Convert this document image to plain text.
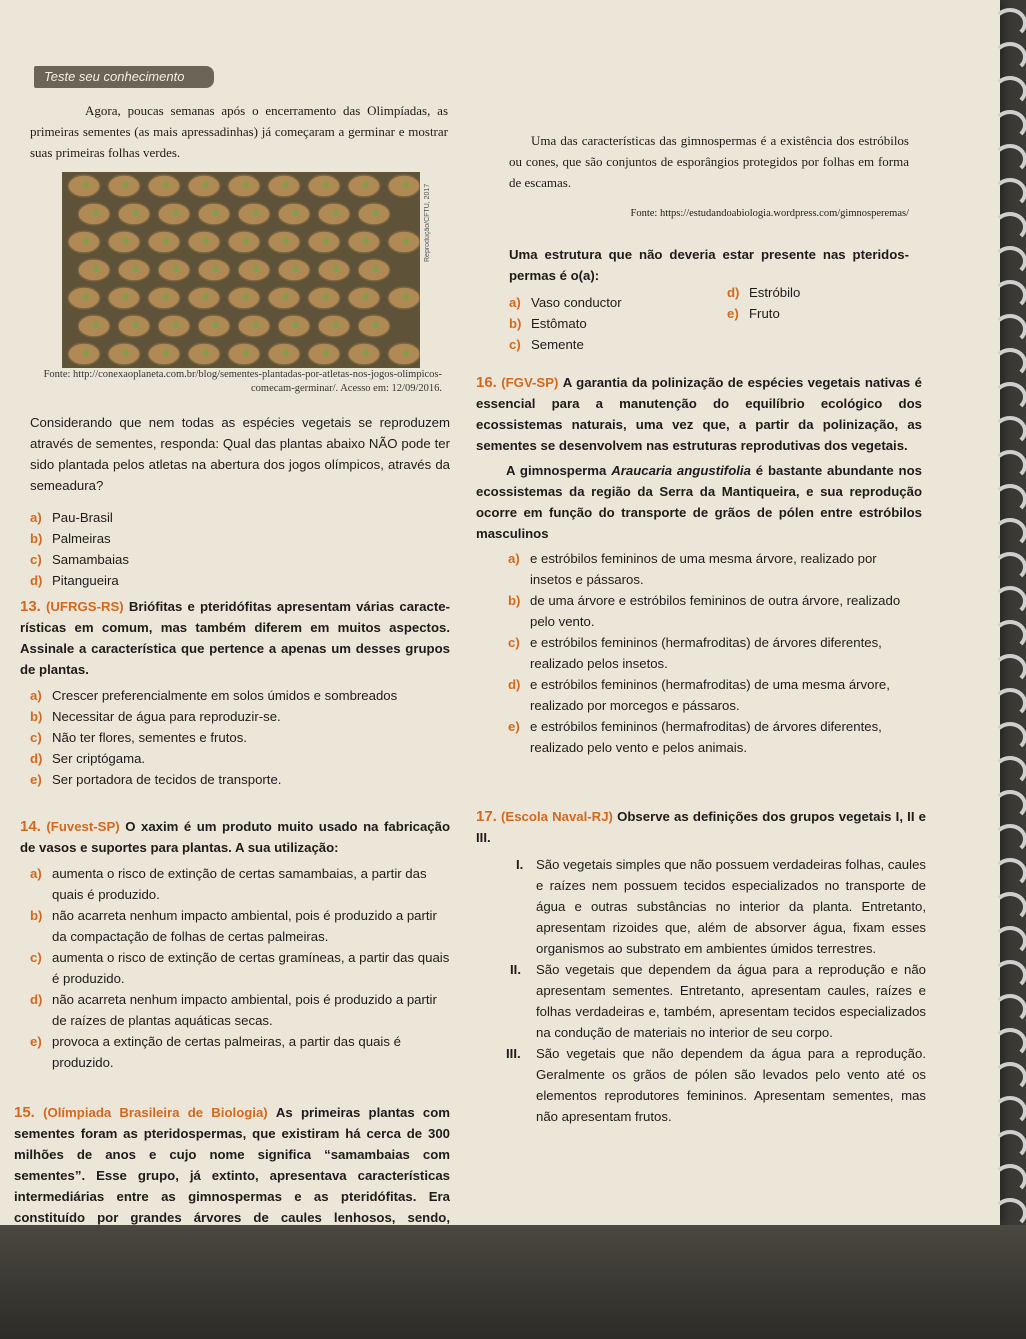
Teste seu conhecimento

Agora, poucas semanas após o encerramento das Olimpíadas, as primeiras sementes (as mais apressadinhas) já começaram a germinar e mostrar suas primeiras folhas verdes.

Reprodução/CFTU, 2017
Fonte: http://conexaoplaneta.com.br/blog/sementes-plantadas-por-atletas-nos-jogos-olimpicos-comecam-germinar/. Acesso em: 12/09/2016.

Considerando que nem todas as espécies vegetais se reproduzem através de sementes, responda: Qual das plantas abaixo NÃO pode ter sido plantada pelos atletas na abertura dos jogos olímpicos, através da semeadura?

a) Pau-Brasil
b) Palmeiras
c) Samambaias
d) Pitangueira

13. (UFRGS-RS) Briófitas e pteridófitas apresentam várias características em comum, mas também diferem em muitos aspectos. Assinale a característica que pertence a apenas um desses grupos de plantas.

a) Crescer preferencialmente em solos úmidos e sombreados
b) Necessitar de água para reproduzir-se.
c) Não ter flores, sementes e frutos.
d) Ser criptógama.
e) Ser portadora de tecidos de transporte.

14. (Fuvest-SP) O xaxim é um produto muito usado na fabricação de vasos e suportes para plantas. A sua utilização:

a) aumenta o risco de extinção de certas samambaias, a partir das quais é produzido.
b) não acarreta nenhum impacto ambiental, pois é produzido a partir da compactação de folhas de certas palmeiras.
c) aumenta o risco de extinção de certas gramíneas, a partir das quais é produzido.
d) não acarreta nenhum impacto ambiental, pois é produzido a partir de raízes de plantas aquáticas secas.
e) provoca a extinção de certas palmeiras, a partir das quais é produzido.

15. (Olímpiada Brasileira de Biologia) As primeiras plantas com sementes foram as pteridospermas, que existiram há cerca de 300 milhões de anos e cujo nome significa “samambaias com sementes”. Esse grupo, já extinto, apresentava características intermediárias entre as gimnospermas e as pteridófitas. Era constituído por grandes árvores de caules lenhosos, sendo,

Uma das características das gimnospermas é a existência dos estróbilos ou cones, que são conjuntos de esporângios protegidos por folhas em forma de escamas.

Fonte: https://estudandoabiologia.wordpress.com/gimnosperemas/

Uma estrutura que não deveria estar presente nas pteridospermas é o(a):

a) Vaso conductor
b) Estômato
c) Semente
d) Estróbilo
e) Fruto

16. (FGV-SP) A garantia da polinização de espécies vegetais nativas é essencial para a manutenção do equilíbrio ecológico dos ecossistemas naturais, uma vez que, a partir da polinização, as sementes se desenvolvem nas estruturas reprodutivas dos vegetais.

A gimnosperma Araucaria angustifolia é bastante abundante nos ecossistemas da região da Serra da Mantiqueira, e sua reprodução ocorre em função do transporte de grãos de pólen entre estróbilos masculinos

a) e estróbilos femininos de uma mesma árvore, realizado por insetos e pássaros.
b) de uma árvore e estróbilos femininos de outra árvore, realizado pelo vento.
c) e estróbilos femininos (hermafroditas) de árvores diferentes, realizado pelos insetos.
d) e estróbilos femininos (hermafroditas) de uma mesma árvore, realizado por morcegos e pássaros.
e) e estróbilos femininos (hermafroditas) de árvores diferentes, realizado pelo vento e pelos animais.

17. (Escola Naval-RJ) Observe as definições dos grupos vegetais I, II e III.

I. São vegetais simples que não possuem verdadeiras folhas, caules e raízes nem possuem tecidos especializados no transporte de água e outras substâncias no interior da planta. Entretanto, apresentam rizoides que, além de absorver água, fixam esses organismos ao substrato em ambientes úmidos terrestres.
II. São vegetais que dependem da água para a reprodução e não apresentam sementes. Entretanto, apresentam caules, raízes e folhas verdadeiras e, também, apresentam tecidos especializados na condução de materiais no interior de seu corpo.
III. São vegetais que não dependem da água para a reprodução. Geralmente os grãos de pólen são levados pelo vento até os elementos reprodutores femininos. Apresentam sementes, mas não apresentam frutos.
